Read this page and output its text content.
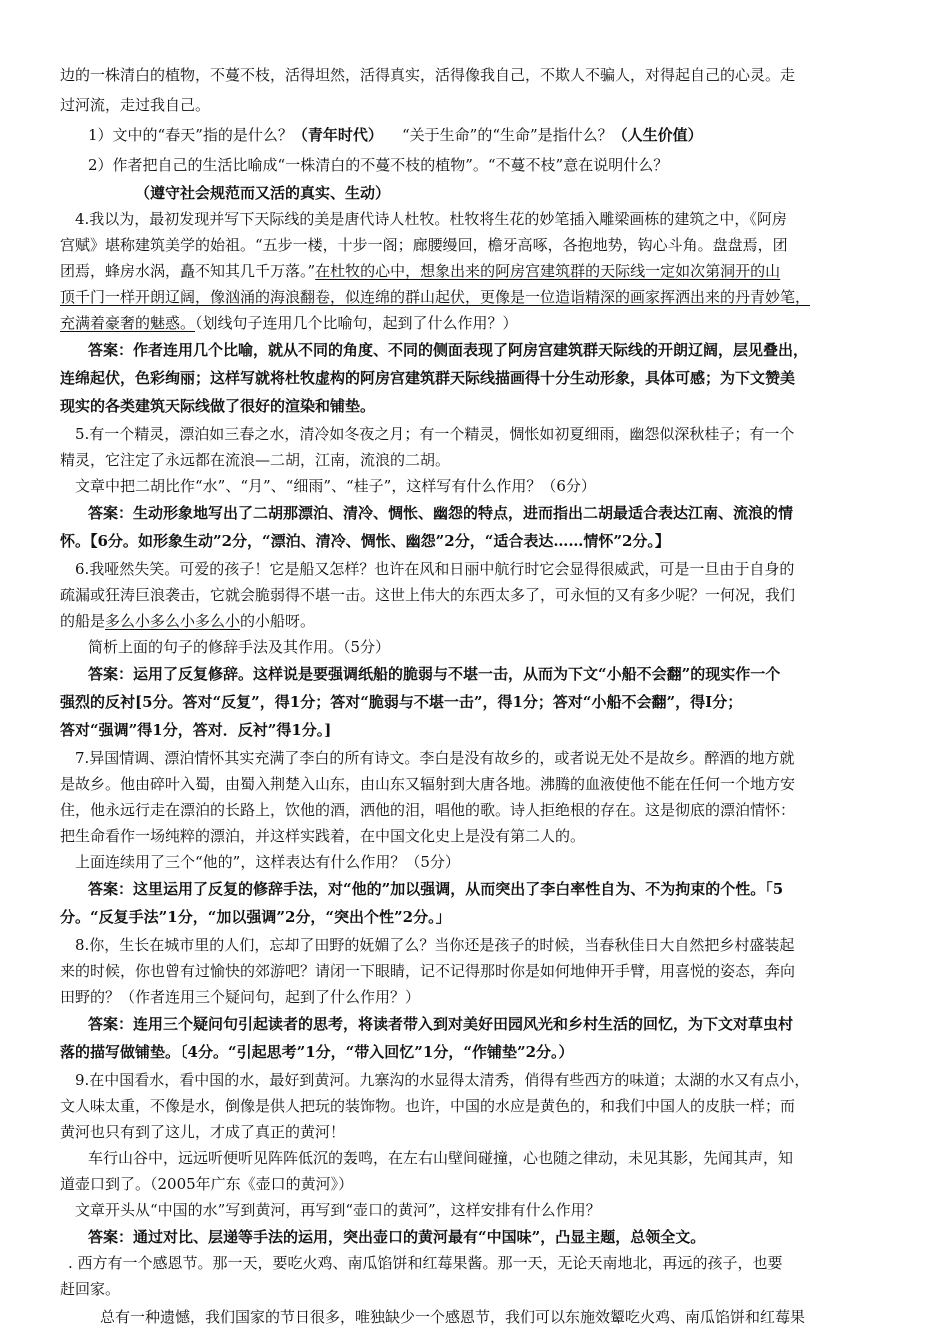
边的一株清白的植物，不蔓不枝，活得坦然，活得真实，活得像我自己，不欺人不骗人，对得起自己的心灵。走
过河流，走过我自己。
1）文中的“春天”指的是什么？（青年时代） “关于生命”的“生命”是指什么？（人生价值）
2）作者把自己的生活比喻成“一株清白的不蔓不枝的植物”。“不蔓不枝”意在说明什么？
（遵守社会规范而又活的真实、生动）
4.我以为，最初发现并写下天际线的美是唐代诗人杜牧。杜牧将生花的妙笔插入雕梁画栋的建筑之中，《阿房
宫赋》堪称建筑美学的始祖。“五步一楼，十步一阁；廊腰缦回，檐牙高啄，各抱地势，钩心斗角。盘盘焉，团
团焉，蜂房水涡，矗不知其几千万落。”在杜牧的心中，想象出来的阿房宫建筑群的天际线一定如次第洞开的山
顶千门一样开朗辽阔，像汹涌的海浪翻卷，似连绵的群山起伏，更像是一位造诣精深的画家挥洒出来的丹青妙笔，
充满着豪奢的魅惑。（划线句子连用几个比喻句，起到了什么作用？）
答案：作者连用几个比喻，就从不同的角度、不同的侧面表现了阿房宫建筑群天际线的开朗辽阔，层见叠出，
连绵起伏，色彩绚丽；这样写就将杜牧虚构的阿房宫建筑群天际线描画得十分生动形象，具体可感；为下文赞美
现实的各类建筑天际线做了很好的渲染和铺垫。
5.有一个精灵，漂泊如三春之水，清冷如冬夜之月；有一个精灵，惆怅如初夏细雨，幽怨似深秋桂子；有一个
精灵，它注定了永远都在流浪—二胡，江南，流浪的二胡。
文章中把二胡比作“水”、“月”、“细雨”、“桂子”，这样写有什么作用？（6分）
答案：生动形象地写出了二胡那漂泊、清冷、惆怅、幽怨的特点，进而指出二胡最适合表达江南、流浪的情
怀。【6分。如形象生动”2分，“漂泊、清冷、惆怅、幽怨”2分，“适合表达……情怀”2分。】
6.我哑然失笑。可爱的孩子！它是船又怎样？也许在风和日丽中航行时它会显得很威武，可是一旦由于自身的
疏漏或狂涛巨浪袭击，它就会脆弱得不堪一击。这世上伟大的东西太多了，可永恒的又有多少呢？一何况，我们
的船是多么小多么小多么小的小船呀。
简析上面的句子的修辞手法及其作用。（5分）
答案：运用了反复修辞。这样说是要强调纸船的脆弱与不堪一击，从而为下文“小船不会翻”的现实作一个
强烈的反衬[5分。答对“反复”，得1分；答对“脆弱与不堪一击”，得1分；答对“小船不会翻”，得I分；
答对“强调”得1分，答对．反衬”得1分。]
7.异国情调、漂泊情怀其实充满了李白的所有诗文。李白是没有故乡的，或者说无处不是故乡。醉酒的地方就
是故乡。他由碎叶入蜀，由蜀入荆楚入山东，由山东又辐射到大唐各地。沸腾的血液使他不能在任何一个地方安
住，他永远行走在漂泊的长路上，饮他的酒，洒他的泪，唱他的歌。诗人拒绝根的存在。这是彻底的漂泊情怀：
把生命看作一场纯粹的漂泊，并这样实践着，在中国文化史上是没有第二人的。
上面连续用了三个“他的”，这样表达有什么作用？（5分）
答案：这里运用了反复的修辞手法，对“他的”加以强调，从而突出了李白率性自为、不为拘束的个性。「5
分。“反复手法”1分，“加以强调”2分，“突出个性”2分。」
8.你，生长在城市里的人们，忘却了田野的妩媚了么？当你还是孩子的时候，当春秋佳日大自然把乡村盛装起
来的时候，你也曾有过愉快的郊游吧？请闭一下眼睛，记不记得那时你是如何地伸开手臂，用喜悦的姿态，奔向
田野的？（作者连用三个疑问句，起到了什么作用？）
答案：连用三个疑问句引起读者的思考，将读者带入到对美好田园风光和乡村生活的回忆，为下文对草虫村
落的描写做铺垫。〔4分。“引起思考”1分，“带入回忆”1分，“作铺垫”2分。）
9.在中国看水，看中国的水，最好到黄河。九寨沟的水显得太清秀，俏得有些西方的味道；太湖的水又有点小，
文人味太重，不像是水，倒像是供人把玩的装饰物。也许，中国的水应是黄色的，和我们中国人的皮肤一样；而
黄河也只有到了这儿，才成了真正的黄河！
车行山谷中，远远听便听见阵阵低沉的轰鸣，在左右山壁间碰撞，心也随之律动，未见其影，先闻其声，知
道壶口到了。（2005年广东《壶口的黄河》）
文章开头从“中国的水”写到黄河，再写到“壶口的黄河”，这样安排有什么作用？
答案：通过对比、层递等手法的运用，突出壶口的黄河最有“中国味”，凸显主题，总领全文。
. 西方有一个感恩节。那一天，要吃火鸡、南瓜馅饼和红莓果酱。那一天，无论天南地北，再远的孩子，也要
赶回家。
总有一种遗憾，我们国家的节日很多，唯独缺少一个感恩节，我们可以东施效颦吃火鸡、南瓜馅饼和红莓果
